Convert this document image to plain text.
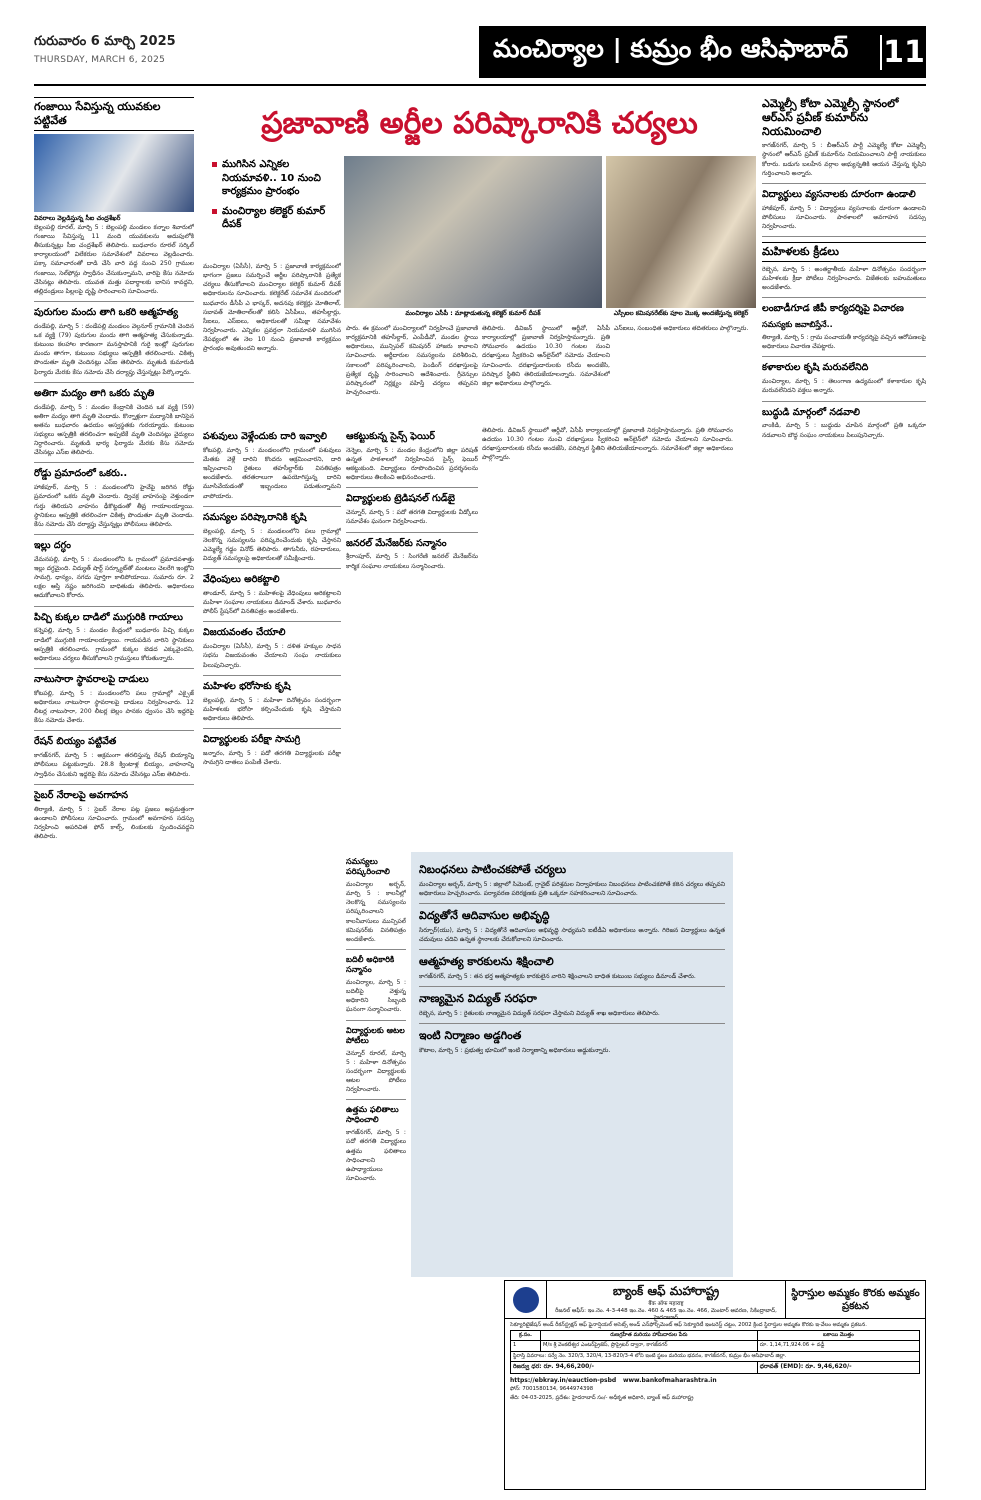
గురువారం 6 మార్చి 2025
THURSDAY, MARCH 6, 2025	మంచిర్యాల | కుమ్రం భీం ఆసిఫాబాద్	11
గంజాయి సేవిస్తున్న యువకుల పట్టివేత
వివరాలు వెల్లడిస్తున్న సీఐ చంద్రశేఖర్

బెల్లంపల్లి రూరల్, మార్చి 5 : బెల్లంపల్లి మండలం కన్నాల శివారులో గంజాయి సేవిస్తున్న 11 మంది యువకులను అదుపులోకి తీసుకున్నట్లు సీఐ చంద్రశేఖర్ తెలిపారు. బుధవారం రూరల్ సర్కిల్ కార్యాలయంలో విలేకరుల సమావేశంలో వివరాలు వెల్లడించారు. పక్కా సమాచారంతో దాడి చేసి వారి వద్ద నుంచి 250 గ్రాముల గంజాయి, సెల్‌ఫోన్లు స్వాధీనం చేసుకున్నామని, వారిపై కేసు నమోదు చేసినట్లు తెలిపారు. యువత మత్తు పదార్థాలకు బానిస కావద్దని, తల్లిదండ్రులు పిల్లలపై దృష్టి సారించాలని సూచించారు.

పురుగుల మందు తాగి ఒకరి ఆత్మహత్య

దండేపల్లి, మార్చి 5 : దండేపల్లి మండలం వెల్గనూర్ గ్రామానికి చెందిన ఒక వ్యక్తి (79) పురుగుల మందు తాగి ఆత్మహత్య చేసుకున్నాడు. కుటుంబ కలహాల కారణంగా మనస్తాపానికి గురై ఇంట్లో పురుగుల మందు తాగగా, కుటుంబ సభ్యులు ఆస్పత్రికి తరలించారు. చికిత్స పొందుతూ మృతి చెందినట్లు ఎస్ఐ తెలిపారు. మృతుడి కుమారుడి ఫిర్యాదు మేరకు కేసు నమోదు చేసి దర్యాప్తు చేస్తున్నట్లు పేర్కొన్నారు.

అతిగా మద్యం తాగి ఒకరు మృతి

దండేపల్లి, మార్చి 5 : మండల కేంద్రానికి చెందిన ఒక వ్యక్తి (59) అతిగా మద్యం తాగి మృతి చెందాడు. కొన్నాళ్లుగా మద్యానికి బానిసైన అతను బుధవారం ఉదయం అస్వస్థతకు గురయ్యాడు. కుటుంబ సభ్యులు ఆస్పత్రికి తరలించగా అప్పటికే మృతి చెందినట్లు వైద్యులు నిర్ధారించారు. మృతుడి భార్య ఫిర్యాదు మేరకు కేసు నమోదు చేసినట్లు ఎస్ఐ తెలిపారు.

రోడ్డు ప్రమాదంలో ఒకరు..

హాజీపూర్, మార్చి 5 : మండలంలోని హైవేపై జరిగిన రోడ్డు ప్రమాదంలో ఒకరు మృతి చెందారు. ద్విచక్ర వాహనంపై వెళ్తుండగా గుర్తు తెలియని వాహనం ఢీకొట్టడంతో తీవ్ర గాయాలయ్యాయి. స్థానికులు ఆస్పత్రికి తరలించగా చికిత్స పొందుతూ మృతి చెందాడు. కేసు నమోదు చేసి దర్యాప్తు చేస్తున్నట్లు పోలీసులు తెలిపారు.

ఇల్లు దగ్ధం

వేమనపల్లి, మార్చి 5 : మండలంలోని ఓ గ్రామంలో ప్రమాదవశాత్తు ఇల్లు దగ్ధమైంది. విద్యుత్ షార్ట్ సర్క్యూట్‌తో మంటలు చెలరేగి ఇంట్లోని సామగ్రి, ధాన్యం, నగదు పూర్తిగా కాలిపోయాయి. సుమారు రూ. 2 లక్షల ఆస్తి నష్టం జరిగిందని బాధితుడు తెలిపారు. అధికారులు ఆదుకోవాలని కోరారు.

పిచ్చి కుక్కల దాడిలో ముగ్గురికి గాయాలు

కన్నెపల్లి, మార్చి 5 : మండల కేంద్రంలో బుధవారం పిచ్చి కుక్కల దాడిలో ముగ్గురికి గాయాలయ్యాయి. గాయపడిన వారిని స్థానికులు ఆస్పత్రికి తరలించారు. గ్రామంలో కుక్కల బెడద ఎక్కువైందని, అధికారులు చర్యలు తీసుకోవాలని గ్రామస్తులు కోరుతున్నారు.

నాటుసారా స్థావరాలపై దాడులు

కోటపల్లి, మార్చి 5 : మండలంలోని పలు గ్రామాల్లో ఎక్సైజ్ అధికారులు నాటుసారా స్థావరాలపై దాడులు నిర్వహించారు. 12 లీటర్ల నాటుసారా, 200 లీటర్ల బెల్లం పానకం ధ్వంసం చేసి ఇద్దరిపై కేసు నమోదు చేశారు.

రేషన్ బియ్యం పట్టివేత

కాగజ్‌నగర్, మార్చి 5 : అక్రమంగా తరలిస్తున్న రేషన్ బియ్యాన్ని పోలీసులు పట్టుకున్నారు. 28.8 క్వింటాళ్ల బియ్యం, వాహనాన్ని స్వాధీనం చేసుకుని ఇద్దరిపై కేసు నమోదు చేసినట్లు ఎస్ఐ తెలిపారు.

సైబర్ నేరాలపై అవగాహన

తిర్యాణి, మార్చి 5 : సైబర్ నేరాల పట్ల ప్రజలు అప్రమత్తంగా ఉండాలని పోలీసులు సూచించారు. గ్రామంలో అవగాహన సదస్సు నిర్వహించి అపరిచిత ఫోన్ కాల్స్, లింకులకు స్పందించవద్దని తెలిపారు.

ప్రజావాణి అర్జీల పరిష్కారానికి చర్యలు
ముగిసిన ఎన్నికల నియమావళి.. 10 నుంచి కార్యక్రమం ప్రారంభం
మంచిర్యాల కలెక్టర్ కుమార్ దీపక్
మంచిర్యాల ఎసీపీ : మాట్లాడుతున్న కలెక్టర్ కుమార్ దీపక్	ఎస్సీఐల కమిషనరేట్‌కు పూల మొక్క అందజేస్తున్న కలెక్టర్

మంచిర్యాల (ఏసీసీ), మార్చి 5 : ప్రజావాణి కార్యక్రమంలో భాగంగా ప్రజలు సమర్పించే అర్జీల పరిష్కారానికి ప్రత్యేక చర్యలు తీసుకోవాలని మంచిర్యాల కలెక్టర్ కుమార్ దీపక్ అధికారులను సూచించారు. కలెక్టరేట్ సమావేశ మందిరంలో బుధవారం డీసీపీ ఎ భాస్కర్, అదనపు కలెక్టర్లు మోతిలాల్, సబావత్ మోతిలాల్‌లతో కలిసి ఏసీపీలు, తహసీల్దార్లు, సీఐలు, ఎస్ఐలు, అధికారులతో సమీక్షా సమావేశం నిర్వహించారు. ఎన్నికల ప్రవర్తనా నియమావళి ముగిసిన నేపథ్యంలో ఈ నెల 10 నుంచి ప్రజావాణి కార్యక్రమం ప్రారంభం అవుతుందని అన్నారు.

పారు. ఈ క్రమంలో మంచిర్యాలలో నిర్వహించే ప్రజావాణి కార్యక్రమానికి తహసీల్దార్, ఎంపీడీవో, మండల స్థాయి అధికారులు, మున్సిపల్ కమిషనర్ హాజరు కావాలని సూచించారు. అర్జీదారుల సమస్యలను పరిశీలించి, సకాలంలో పరిష్కరించాలని, పెండింగ్ దరఖాస్తులపై ప్రత్యేక దృష్టి సారించాలని ఆదేశించారు. గ్రీవెన్సుల పరిష్కారంలో నిర్లక్ష్యం వహిస్తే చర్యలు తప్పవని హెచ్చరించారు.

తెలిపారు. డివిజన్ స్థాయిలో ఆర్డీవో, ఏసీపీ కార్యాలయాల్లో ప్రజావాణి నిర్వహిస్తామన్నారు. ప్రతి సోమవారం ఉదయం 10.30 గంటల నుంచి దరఖాస్తులు స్వీకరించి ఆన్‌లైన్‌లో నమోదు చేయాలని సూచించారు. దరఖాస్తుదారులకు రసీదు అందజేసి, పరిష్కార స్థితిని తెలియజేయాలన్నారు. సమావేశంలో జిల్లా అధికారులు పాల్గొన్నారు.

ఎస్ఐలు, సంబంధిత అధికారులు తదితరులు పాల్గొన్నారు.

పశువులు వెళ్లేందుకు దారి ఇవ్వాలి

కోటపల్లి, మార్చి 5 : మండలంలోని గ్రామంలో పశువులు మేతకు వెళ్లే దారిని కొందరు ఆక్రమించారని, దారి ఇప్పించాలని రైతులు తహసీల్దార్‌కు వినతిపత్రం అందజేశారు. తరతరాలుగా ఉపయోగిస్తున్న దారిని మూసివేయడంతో ఇబ్బందులు పడుతున్నామని వాపోయారు.

సమస్యల పరిష్కారానికి కృషి

బెల్లంపల్లి, మార్చి 5 : మండలంలోని పలు గ్రామాల్లో నెలకొన్న సమస్యలను పరిష్కరించేందుకు కృషి చేస్తానని ఎమ్మెల్యే గడ్డం వినోద్ తెలిపారు. తాగునీరు, రహదారులు, విద్యుత్ సమస్యలపై అధికారులతో సమీక్షించారు.

వేధింపులు అరికట్టాలి

తాండూర్, మార్చి 5 : మహిళలపై వేధింపులు అరికట్టాలని మహిళా సంఘాల నాయకులు డిమాండ్ చేశారు. బుధవారం పోలీస్ స్టేషన్‌లో వినతిపత్రం అందజేశారు.

విజయవంతం చేయాలి

మంచిర్యాల (ఏసీసీ), మార్చి 5 : దళిత హక్కుల సాధన సభను విజయవంతం చేయాలని సంఘ నాయకులు పిలుపునిచ్చారు.

మహిళల భరోసాకు కృషి

బెల్లంపల్లి, మార్చి 5 : మహిళా దినోత్సవం సందర్భంగా మహిళలకు భరోసా కల్పించేందుకు కృషి చేస్తామని అధికారులు తెలిపారు.

విద్యార్థులకు పరీక్షా సామగ్రి

జన్నారం, మార్చి 5 : పదో తరగతి విద్యార్థులకు పరీక్షా సామగ్రిని దాతలు పంపిణీ చేశారు.

ఆకట్టుకున్న సైన్స్ ఫెయిర్

నెన్నెల, మార్చి 5 : మండల కేంద్రంలోని జిల్లా పరిషత్ ఉన్నత పాఠశాలలో నిర్వహించిన సైన్స్ ఫెయిర్ ఆకట్టుకుంది. విద్యార్థులు రూపొందించిన ప్రదర్శనలను అధికారులు తిలకించి అభినందించారు.

విద్యార్థులకు ట్రెడిషనల్ గుడ్‌బై

చెన్నూర్, మార్చి 5 : పదో తరగతి విద్యార్థులకు వీడ్కోలు సమావేశం ఘనంగా నిర్వహించారు.

జనరల్ మేనేజర్‌కు సన్మానం

శ్రీరాంపూర్, మార్చి 5 : సింగరేణి జనరల్ మేనేజర్‌ను కార్మిక సంఘాల నాయకులు సన్మానించారు.

సమస్యలు పరిష్కరించాలి

మంచిర్యాల అర్బన్, మార్చి 5 : కాలనీల్లో నెలకొన్న సమస్యలను పరిష్కరించాలని కాలనీవాసులు మున్సిపల్ కమిషనర్‌కు వినతిపత్రం అందజేశారు.

బదిలీ అధికారికి సన్మానం

మంచిర్యాల, మార్చి 5 : బదిలీపై వెళ్తున్న అధికారిని సిబ్బంది ఘనంగా సన్మానించారు.

విద్యార్థులకు ఆటల పోటీలు

చెన్నూర్ రూరల్, మార్చి 5 : మహిళా దినోత్సవం సందర్భంగా విద్యార్థులకు ఆటల పోటీలు నిర్వహించారు.

ఉత్తమ ఫలితాలు సాధించాలి

కాగజ్‌నగర్, మార్చి 5 : పదో తరగతి విద్యార్థులు ఉత్తమ ఫలితాలు సాధించాలని ఉపాధ్యాయులు సూచించారు.

తెలిపారు. డివిజన్ స్థాయిలో ఆర్డీవో, ఏసీపీ కార్యాలయాల్లో ప్రజావాణి నిర్వహిస్తామన్నారు. ప్రతి సోమవారం ఉదయం 10.30 గంటల నుంచి దరఖాస్తులు స్వీకరించి ఆన్‌లైన్‌లో నమోదు చేయాలని సూచించారు. దరఖాస్తుదారులకు రసీదు అందజేసి, పరిష్కార స్థితిని తెలియజేయాలన్నారు. సమావేశంలో జిల్లా అధికారులు పాల్గొన్నారు.

నిబంధనలు పాటించకపోతే చర్యలు

మంచిర్యాల అర్బన్, మార్చి 5 : జిల్లాలో సిమెంట్, గ్రానైట్ పరిశ్రమల నిర్వాహకులు నిబంధనలు పాటించకపోతే కఠిన చర్యలు తప్పవని అధికారులు హెచ్చరించారు. పర్యావరణ పరిరక్షణకు ప్రతి ఒక్కరూ సహకరించాలని సూచించారు.

విద్యతోనే ఆదివాసుల అభివృద్ధి

సిర్పూర్(యు), మార్చి 5 : విద్యతోనే ఆదివాసుల అభివృద్ధి సాధ్యమని ఐటీడీఏ అధికారులు అన్నారు. గిరిజన విద్యార్థులు ఉన్నత చదువులు చదివి ఉన్నత స్థానాలకు చేరుకోవాలని సూచించారు.

ఆత్మహత్య కారకులను శిక్షించాలి

కాగజ్‌నగర్, మార్చి 5 : తన భర్త ఆత్మహత్యకు కారకులైన వారిని శిక్షించాలని బాధిత కుటుంబ సభ్యులు డిమాండ్ చేశారు.

నాణ్యమైన విద్యుత్ సరఫరా

రెబ్బెన, మార్చి 5 : రైతులకు నాణ్యమైన విద్యుత్ సరఫరా చేస్తామని విద్యుత్ శాఖ అధికారులు తెలిపారు.

ఇంటి నిర్మాణం అడ్డగింత

కౌటాల, మార్చి 5 : ప్రభుత్వ భూమిలో ఇంటి నిర్మాణాన్ని అధికారులు అడ్డుకున్నారు.

ఎమ్మెల్సీ కోటా ఎమ్మెల్సీ స్థానంలో ఆర్ఎస్ ప్రవీణ్ కుమార్‌ను నియమించాలి

కాగజ్‌నగర్, మార్చి 5 : బీఆర్ఎస్ పార్టీ ఎమ్మెల్యే కోటా ఎమ్మెల్సీ స్థానంలో ఆర్ఎస్ ప్రవీణ్ కుమార్‌ను నియమించాలని పార్టీ నాయకులు కోరారు. బడుగు బలహీన వర్గాల అభ్యున్నతికి ఆయన చేస్తున్న కృషిని గుర్తించాలని అన్నారు.

విద్యార్థులు వ్యసనాలకు దూరంగా ఉండాలి

హాజీపూర్, మార్చి 5 : విద్యార్థులు వ్యసనాలకు దూరంగా ఉండాలని పోలీసులు సూచించారు. పాఠశాలలో అవగాహన సదస్సు నిర్వహించారు.

మహిళలకు క్రీడలు

రెబ్బెన, మార్చి 5 : అంతర్జాతీయ మహిళా దినోత్సవం సందర్భంగా మహిళలకు క్రీడా పోటీలు నిర్వహించారు. విజేతలకు బహుమతులు అందజేశారు.

లంబాడీగూడ జీపీ కార్యదర్శిపై విచారణ
సమస్యకు జవాబిస్తేనే..

తిర్యాణి, మార్చి 5 : గ్రామ పంచాయతీ కార్యదర్శిపై వచ్చిన ఆరోపణలపై అధికారులు విచారణ చేపట్టారు.

కళాకారుల కృషి మరువలేనిది

మంచిర్యాల, మార్చి 5 : తెలంగాణ ఉద్యమంలో కళాకారుల కృషి మరువలేనిదని వక్తలు అన్నారు.

బుద్ధుడి మార్గంలో నడవాలి

వాంకిడి, మార్చి 5 : బుద్ధుడు చూపిన మార్గంలో ప్రతి ఒక్కరూ నడవాలని బౌద్ధ సంఘం నాయకులు పిలుపునిచ్చారు.

బ్యాంక్ ఆఫ్ మహారాష్ట్ర
बैंक ऑफ महाराष्ट्र
రీజనల్ ఆఫీస్: ఇం.నెం. 4-3-448 ఇం.నెం. 460 & 465 ఇం.నెం. 466, మెంటార్ ఆవరణ, సికింద్రాబాద్, హైదరాబాద్
స్థిరాస్తుల అమ్మకం కొరకు అమ్మకం ప్రకటన

సెక్యూరిటైజేషన్ అండ్ రీకన్‌స్ట్రక్షన్ ఆఫ్ ఫైనాన్షియల్ అసెట్స్ అండ్ ఎన్‌ఫోర్స్‌మెంట్ ఆఫ్ సెక్యూరిటీ ఇంటరెస్ట్ చట్టం, 2002 క్రింద స్థిరాస్తుల అమ్మకం కొరకు ఇ-వేలం అమ్మకం ప్రకటన.

క్ర.సం.	రుణగ్రహీత మరియు హామీదారుల పేరు	బకాయి మొత్తం
1	M/s శ్రీ వెంకటేశ్వర ఎంటర్‌ప్రైజెస్, ప్రొప్రైటర్ ద్వారా, కాగజ్‌నగర్	రూ. 1,14,71,924.06 + వడ్డీ
స్థిరాస్తి వివరాలు: సర్వే నెం. 320/3, 320/4, 13-820/3-4 లోని ఇంటి స్థలం మరియు భవనం, కాగజ్‌నగర్, కుమ్రం భీం ఆసిఫాబాద్ జిల్లా.		
రిజర్వు ధర: రూ. 94,66,200/-		ధరావత్ (EMD): రూ. 9,46,620/-

https://ebkray.in/eauction-psbd www.bankofmaharashtra.in

ఫోన్: 7001580134, 9644974398

తేది: 04-03-2025, ప్రదేశం: హైదరాబాద్ సం/- అధీకృత అధికారి, బ్యాంక్ ఆఫ్ మహారాష్ట్ర
